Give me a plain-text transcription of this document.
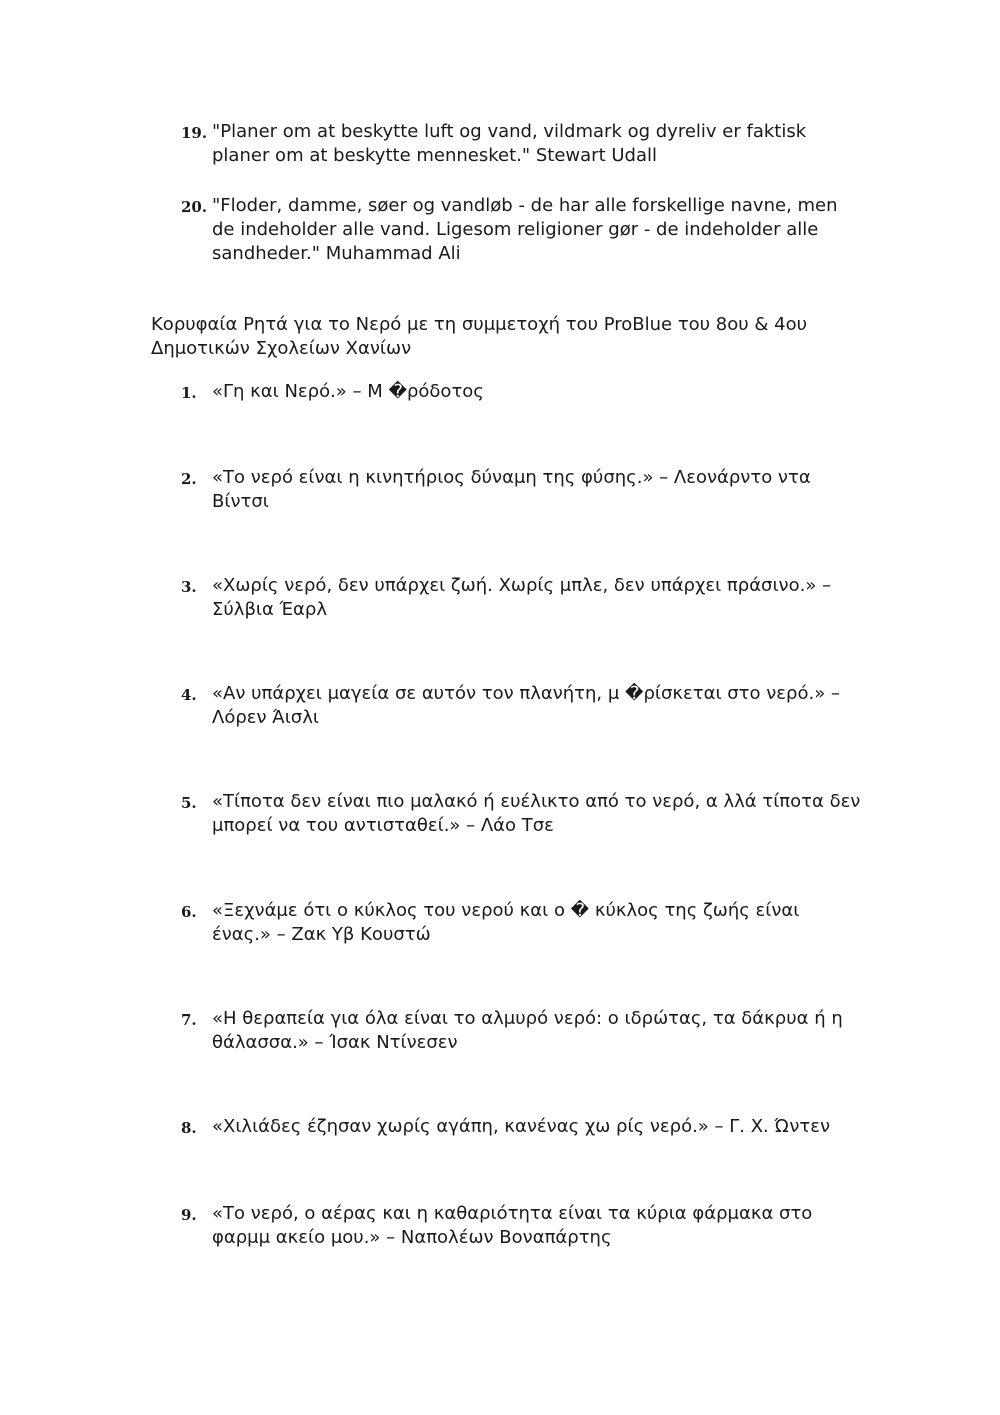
19. "Planer om at beskytte luft og vand, vildmark og dyreliv er faktisk planer om at beskytte mennesket." Stewart Udall
20. "Floder, damme, søer og vandløb - de har alle forskellige navne, men de indeholder alle vand. Ligesom religioner gør - de indeholder alle sandheder." Muhammad Ali
Κορυφαία Ρητά για το Νερό με τη συμμετοχή του ProBlue του 8ου & 4ου Δημοτικών Σχολείων Χανίων
1. «Γη και Νερό.» – Μ �ρόδοτος
2. «Το νερό είναι η κινητήριος δύναμη της φύσης.» – Λεονάρντο ντα Βίντσι
3. «Χωρίς νερό, δεν υπάρχει ζωή. Χωρίς μπλε, δεν υπάρχει πράσινο.» – Σύλβια Έαρλ
4. «Αν υπάρχει μαγεία σε αυτόν τον πλανήτη, μ �ρίσκεται στο νερό.» – Λόρεν Άισλι
5. «Τίποτα δεν είναι πιο μαλακό ή ευέλικτο από το νερό, α λλά τίποτα δεν μπορεί να του αντισταθεί.» – Λάο Τσε
6. «Ξεχνάμε ότι ο κύκλος του νερού και ο � κύκλος της ζωής είναι ένας.» – Ζακ Υβ Κουστώ
7. «Η θεραπεία για όλα είναι το αλμυρό νερό: ο ιδρώτας, τα δάκρυα ή η θάλασσα.» – Ίσακ Ντίνεσεν
8. «Χιλιάδες έζησαν χωρίς αγάπη, κανένας χω ρίς νερό.» – Γ. Χ. Ώντεν
9. «Το νερό, ο αέρας και η καθαριότητα είναι τα κύρια φάρμακα στο φαρμμ ακείο μου.» – Ναπολέων Βοναπάρτης
